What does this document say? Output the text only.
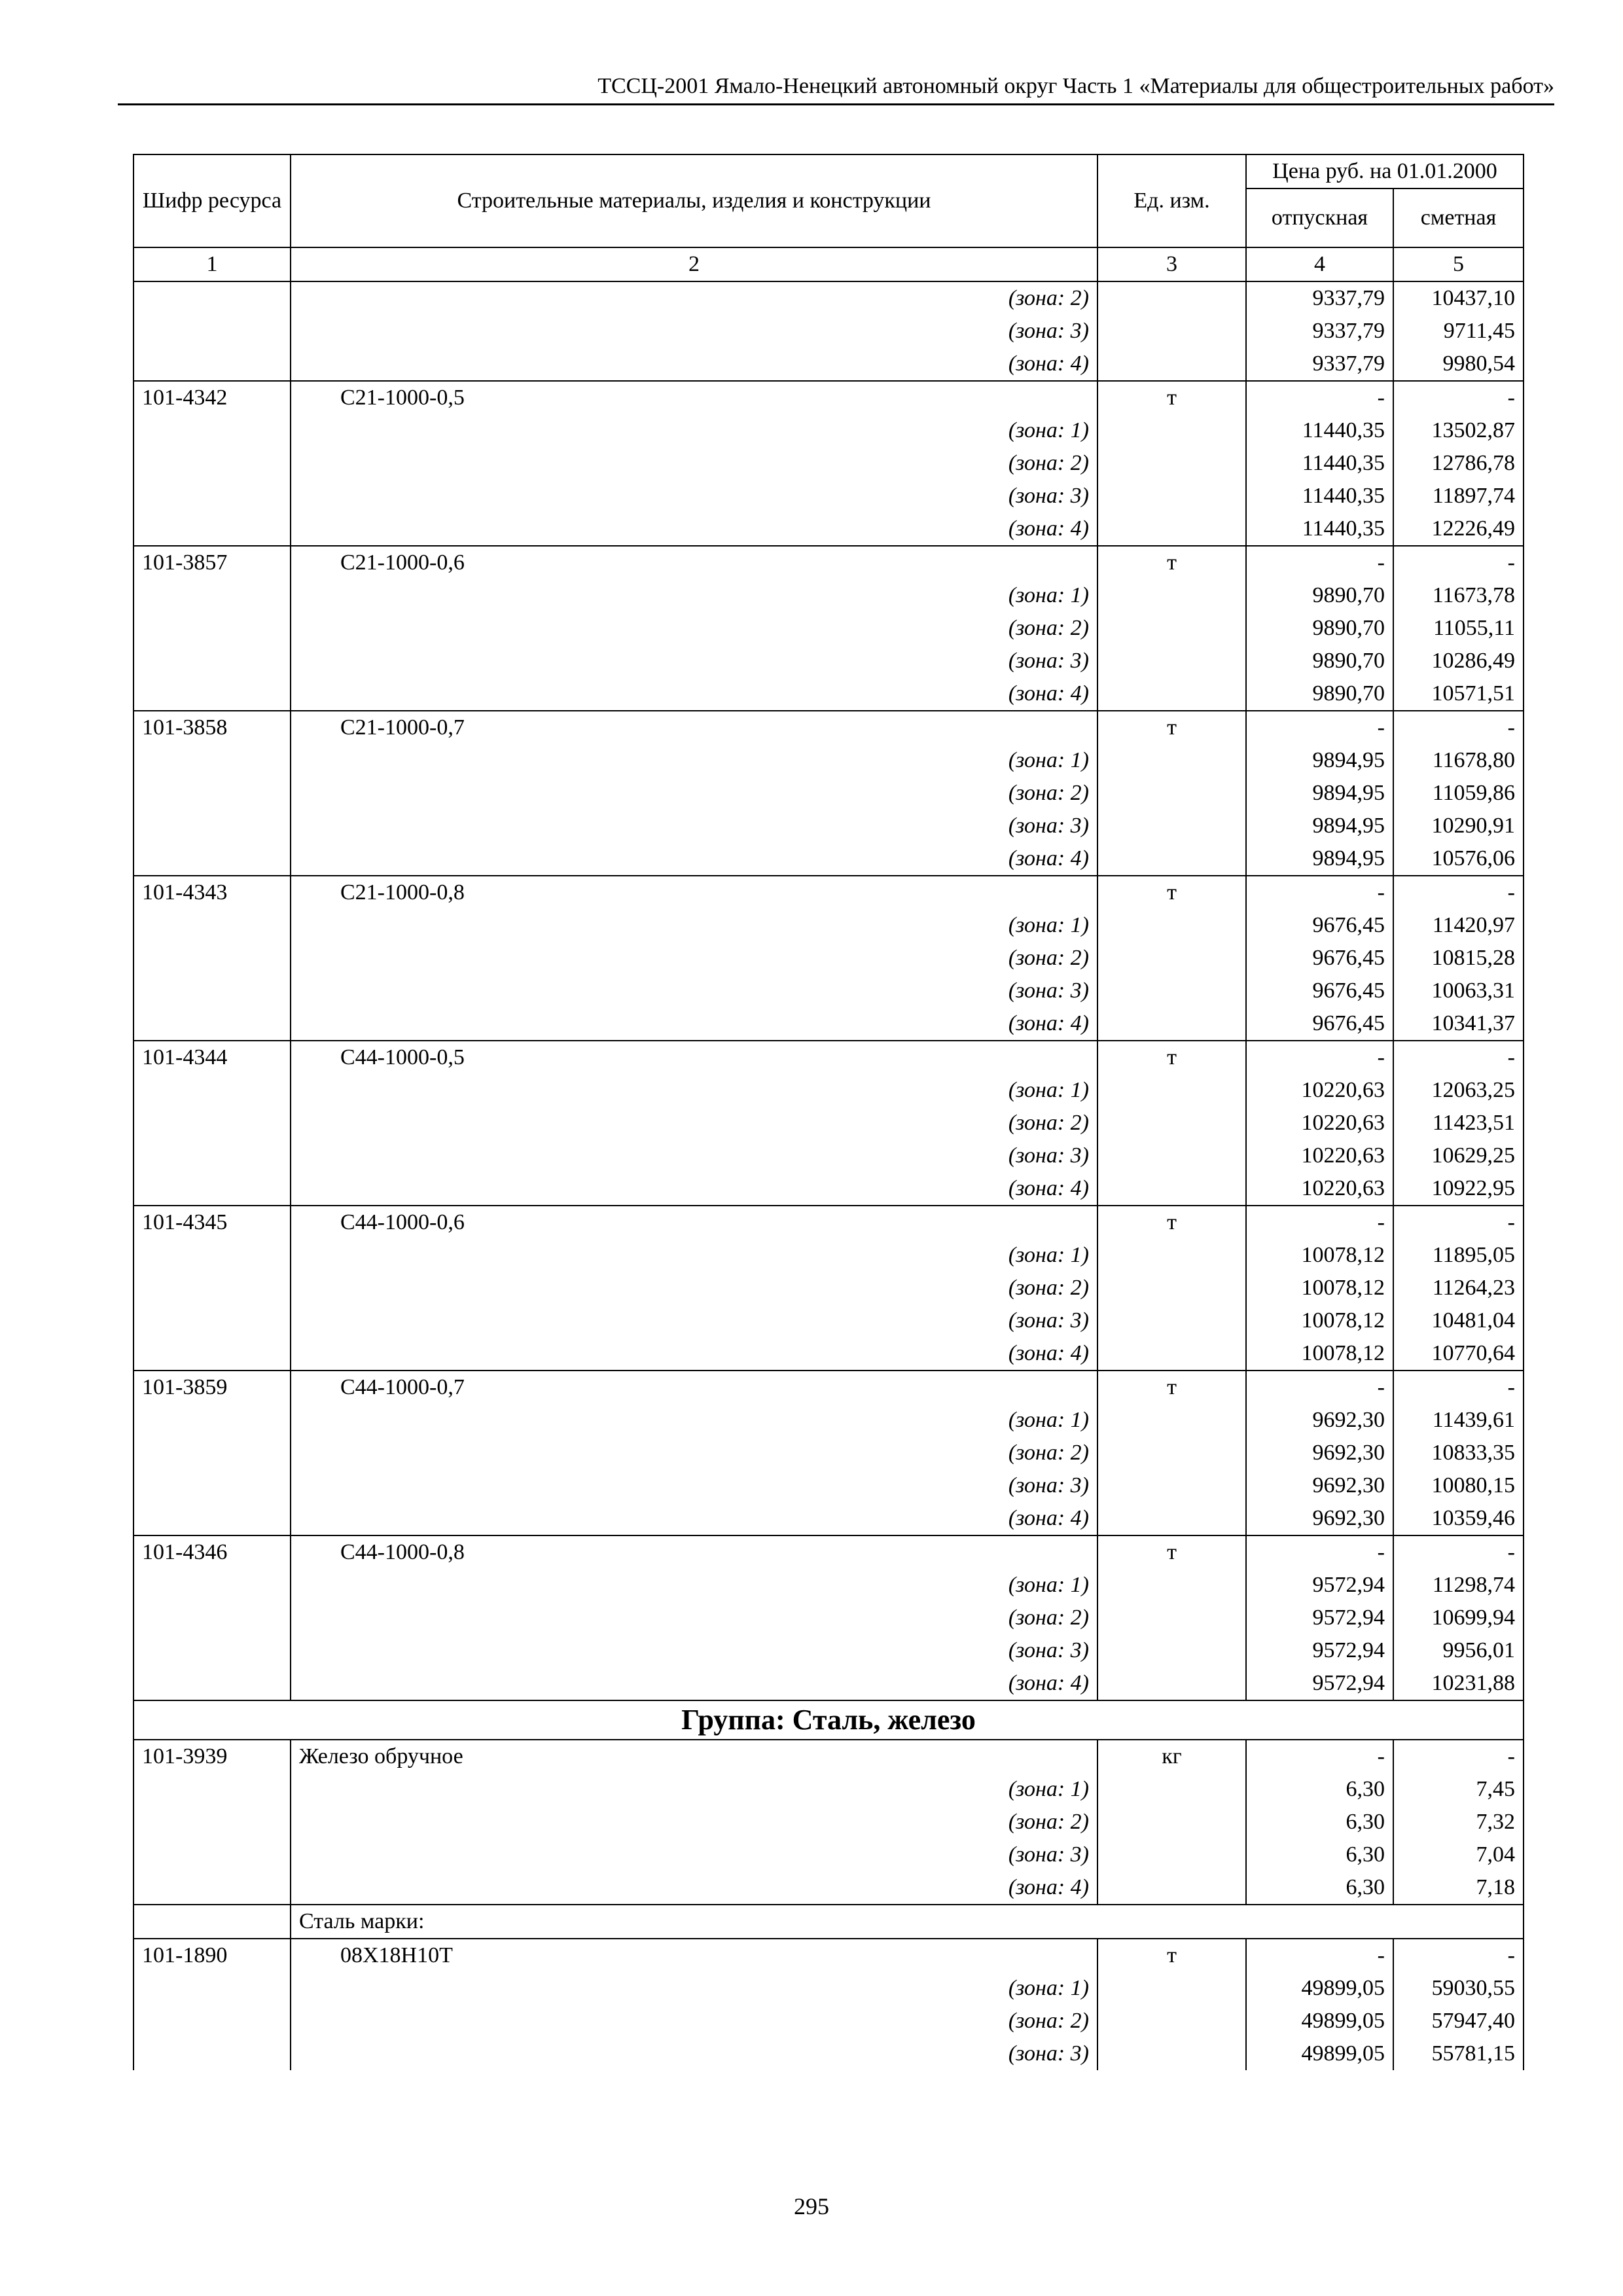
ТССЦ-2001 Ямало-Ненецкий автономный округ Часть 1 «Материалы для общестроительных работ»
Шифр ресурса	Строительные материалы, изделия и конструкции	Ед. изм.	Цена руб. на 01.01.2000	
			отпускная	сметная
1	2	3	4	5
	(зона: 2)		9337,79	10437,10
	(зона: 3)		9337,79	9711,45
	(зона: 4)		9337,79	9980,54
101-4342	С21-1000-0,5	т	-	-
	(зона: 1)		11440,35	13502,87
	(зона: 2)		11440,35	12786,78
	(зона: 3)		11440,35	11897,74
	(зона: 4)		11440,35	12226,49
101-3857	С21-1000-0,6	т	-	-
	(зона: 1)		9890,70	11673,78
	(зона: 2)		9890,70	11055,11
	(зона: 3)		9890,70	10286,49
	(зона: 4)		9890,70	10571,51
101-3858	С21-1000-0,7	т	-	-
	(зона: 1)		9894,95	11678,80
	(зона: 2)		9894,95	11059,86
	(зона: 3)		9894,95	10290,91
	(зона: 4)		9894,95	10576,06
101-4343	С21-1000-0,8	т	-	-
	(зона: 1)		9676,45	11420,97
	(зона: 2)		9676,45	10815,28
	(зона: 3)		9676,45	10063,31
	(зона: 4)		9676,45	10341,37
101-4344	С44-1000-0,5	т	-	-
	(зона: 1)		10220,63	12063,25
	(зона: 2)		10220,63	11423,51
	(зона: 3)		10220,63	10629,25
	(зона: 4)		10220,63	10922,95
101-4345	С44-1000-0,6	т	-	-
	(зона: 1)		10078,12	11895,05
	(зона: 2)		10078,12	11264,23
	(зона: 3)		10078,12	10481,04
	(зона: 4)		10078,12	10770,64
101-3859	С44-1000-0,7	т	-	-
	(зона: 1)		9692,30	11439,61
	(зона: 2)		9692,30	10833,35
	(зона: 3)		9692,30	10080,15
	(зона: 4)		9692,30	10359,46
101-4346	С44-1000-0,8	т	-	-
	(зона: 1)		9572,94	11298,74
	(зона: 2)		9572,94	10699,94
	(зона: 3)		9572,94	9956,01
	(зона: 4)		9572,94	10231,88
Группа: Сталь, железо				
101-3939	Железо обручное	кг	-	-
	(зона: 1)		6,30	7,45
	(зона: 2)		6,30	7,32
	(зона: 3)		6,30	7,04
	(зона: 4)		6,30	7,18
	Сталь марки:			
101-1890	08Х18Н10Т	т	-	-
	(зона: 1)		49899,05	59030,55
	(зона: 2)		49899,05	57947,40
	(зона: 3)		49899,05	55781,15
295
